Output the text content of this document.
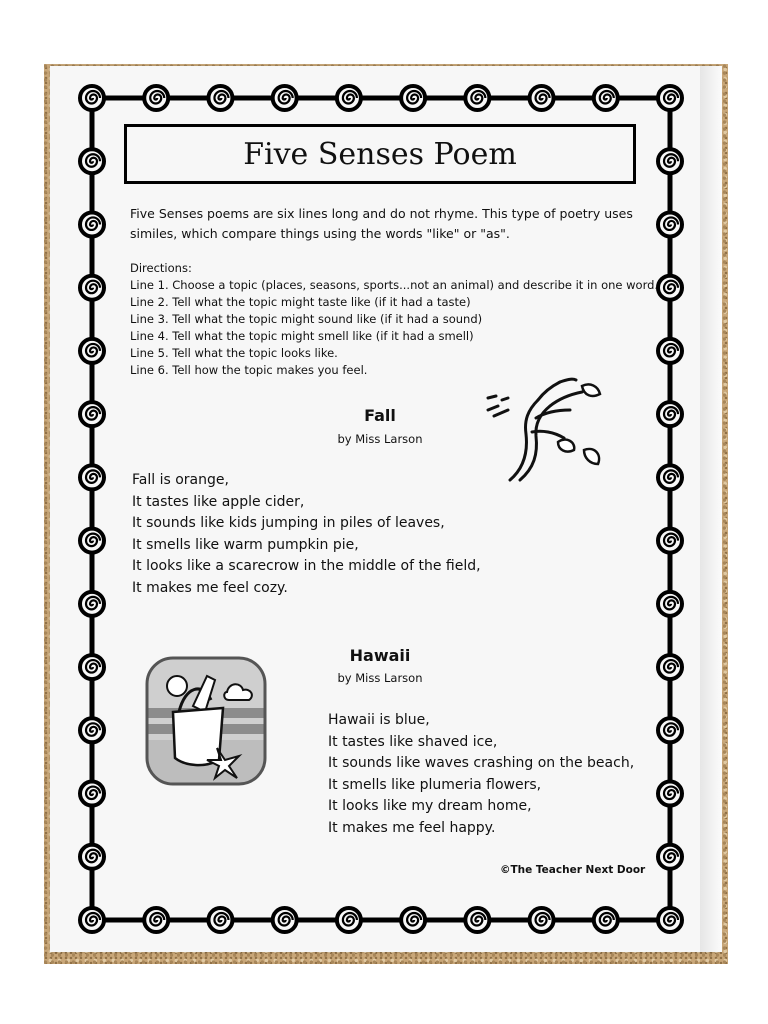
Five Senses Poem
Five Senses poems are six lines long and do not rhyme. This type of poetry uses
similes, which compare things using the words "like" or "as".
Directions:
Line 1. Choose a topic (places, seasons, sports...not an animal) and describe it in one word.
Line 2. Tell what the topic might taste like (if it had a taste)
Line 3. Tell what the topic might sound like (if it had a sound)
Line 4. Tell what the topic might smell like (if it had a smell)
Line 5. Tell what the topic looks like.
Line 6. Tell how the topic makes you feel.
Fall
by Miss Larson
Fall is orange,
It tastes like apple cider,
It sounds like kids jumping in piles of leaves,
It smells like warm pumpkin pie,
It looks like a scarecrow in the middle of the field,
It makes me feel cozy.
Hawaii
by Miss Larson
Hawaii is blue,
It tastes like shaved ice,
It sounds like waves crashing on the beach,
It smells like plumeria flowers,
It looks like my dream home,
It makes me feel happy.
©The Teacher Next Door
